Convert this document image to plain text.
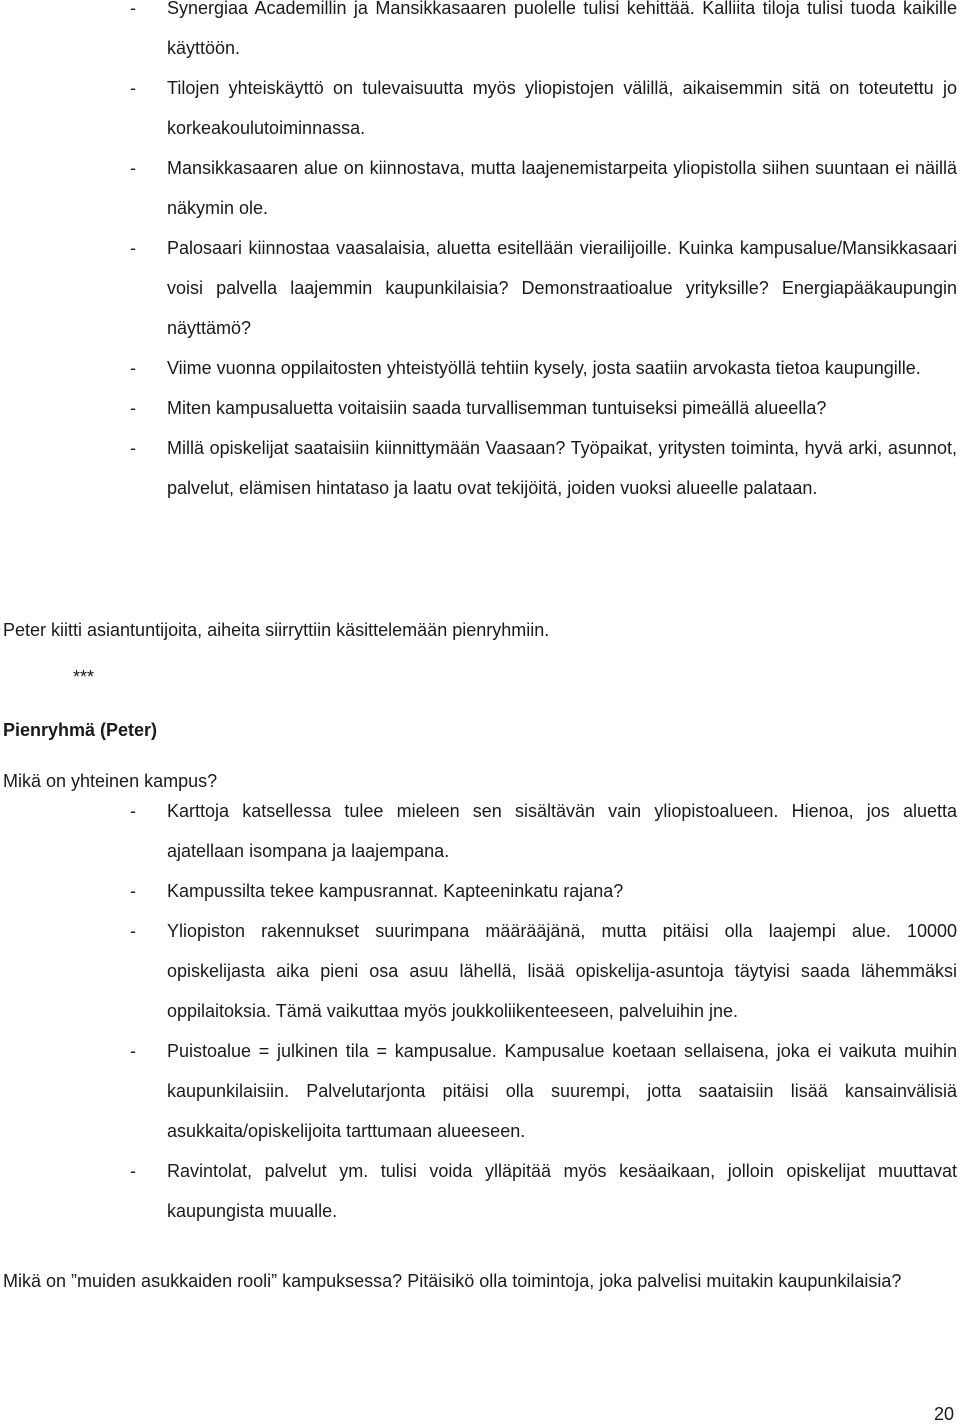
- Synergiaa Academillin ja Mansikkasaaren puolelle tulisi kehittää. Kalliita tiloja tulisi tuoda kaikille käyttöön.
- Tilojen yhteiskäyttö on tulevaisuutta myös yliopistojen välillä, aikaisemmin sitä on toteutettu jo korkeakoulutoiminnassa.
- Mansikkasaaren alue on kiinnostava, mutta laajenemistarpeita yliopistolla siihen suuntaan ei näillä näkymin ole.
- Palosaari kiinnostaa vaasalaisia, aluetta esitellään vierailijoille. Kuinka kampusalue/Mansikkasaari voisi palvella laajemmin kaupunkilaisia? Demonstraatioalue yrityksille? Energiapääkaupungin näyttämö?
- Viime vuonna oppilaitosten yhteistyöllä tehtiin kysely, josta saatiin arvokasta tietoa kaupungille.
- Miten kampusaluetta voitaisiin saada turvallisemman tuntuiseksi pimeällä alueella?
- Millä opiskelijat saataisiin kiinnittymään Vaasaan? Työpaikat, yritysten toiminta, hyvä arki, asunnot, palvelut, elämisen hintataso ja laatu ovat tekijöitä, joiden vuoksi alueelle palataan.

Peter kiitti asiantuntijoita, aiheita siirryttiin käsittelemään pienryhmiin.

***

Pienryhmä (Peter)

Mikä on yhteinen kampus?

- Karttoja katsellessa tulee mieleen sen sisältävän vain yliopistoalueen. Hienoa, jos aluetta ajatellaan isompana ja laajempana.
- Kampussilta tekee kampusrannat. Kapteeninkatu rajana?
- Yliopiston rakennukset suurimpana määrääjänä, mutta pitäisi olla laajempi alue. 10000 opiskelijasta aika pieni osa asuu lähellä, lisää opiskelija-asuntoja täytyisi saada lähemmäksi oppilaitoksia. Tämä vaikuttaa myös joukkoliikenteeseen, palveluihin jne.
- Puistoalue = julkinen tila = kampusalue. Kampusalue koetaan sellaisena, joka ei vaikuta muihin kaupunkilaisiin. Palvelutarjonta pitäisi olla suurempi, jotta saataisiin lisää kansainvälisiä asukkaita/opiskelijoita tarttumaan alueeseen.
- Ravintolat, palvelut ym. tulisi voida ylläpitää myös kesäaikaan, jolloin opiskelijat muuttavat kaupungista muualle.

Mikä on ”muiden asukkaiden rooli” kampuksessa? Pitäisikö olla toimintoja, joka palvelisi muitakin kaupunkilaisia?

20
